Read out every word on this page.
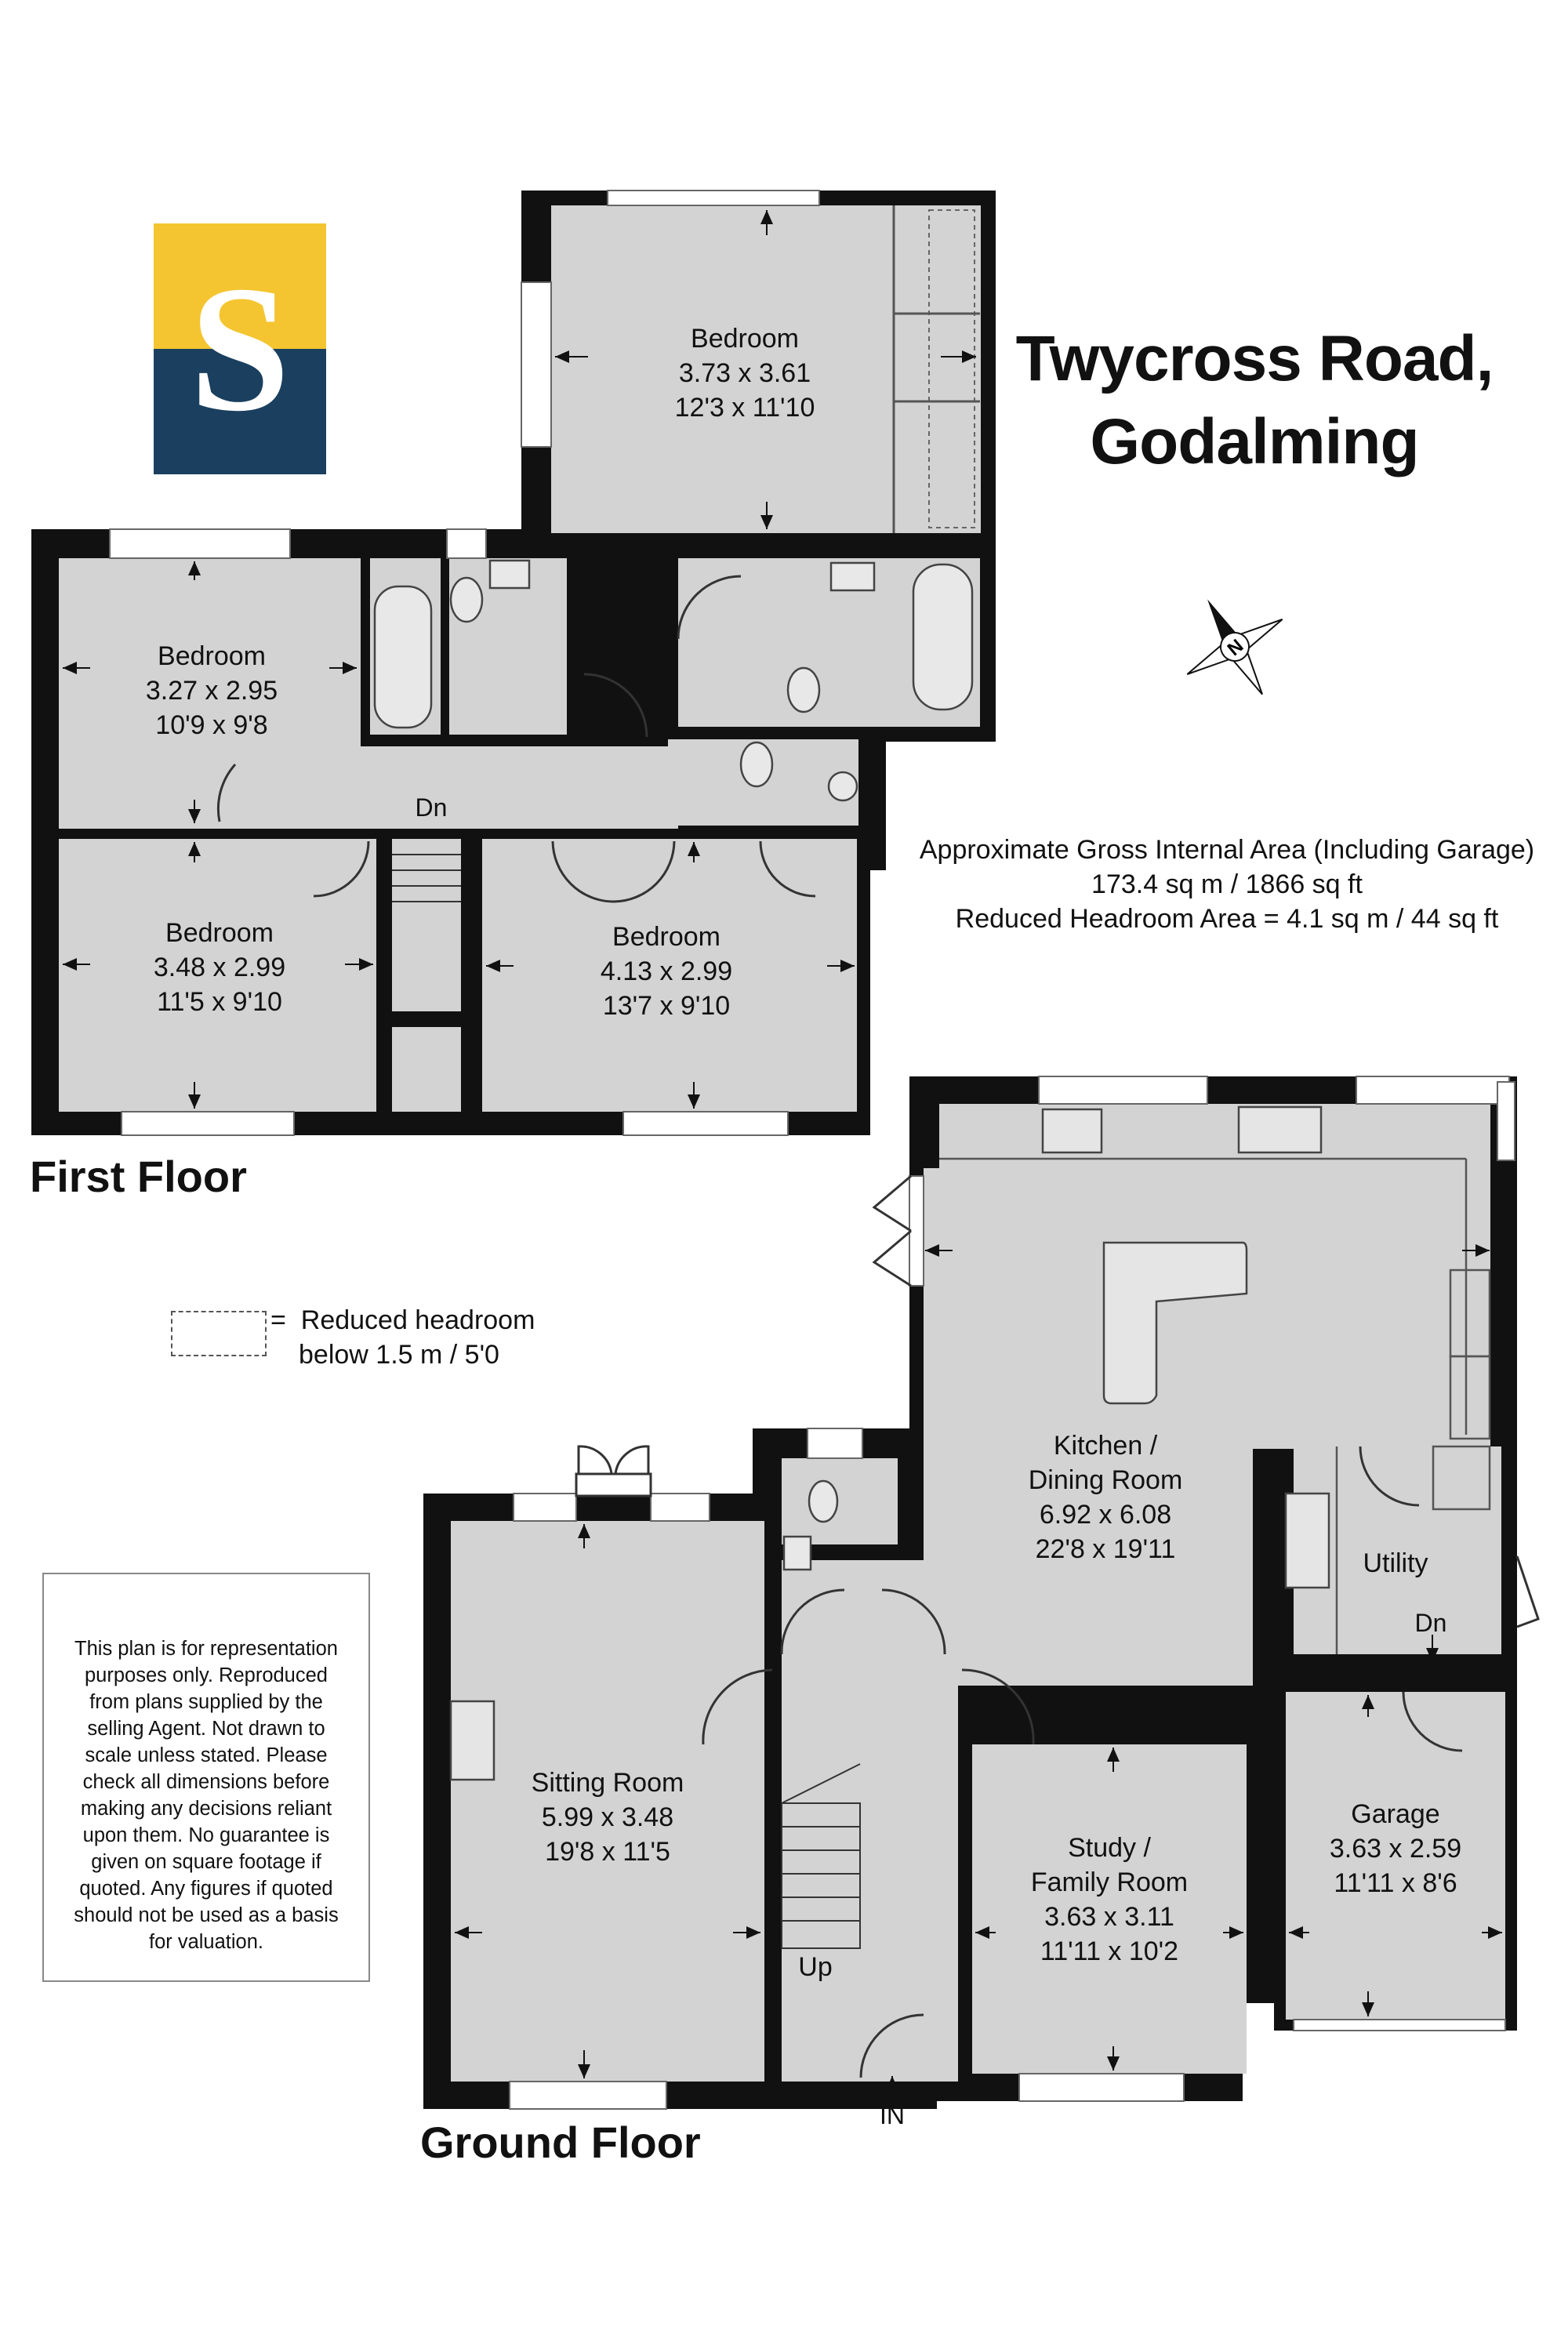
S	Twycross Road,
Godalming
N
Approximate Gross Internal Area (Including Garage)
173.4 sq m / 1866 sq ft
Reduced Headroom Area = 4.1 sq m / 44 sq ft
= Reduced headroom
below 1.5 m / 5'0
This plan is for representation purposes only. Reproduced from plans supplied by the selling Agent. Not drawn to scale unless stated. Please check all dimensions before making any decisions reliant upon them. No guarantee is given on square footage if quoted. Any figures if quoted should not be used as a basis for valuation.
First Floor
Ground Floor
Bedroom
3.73 x 3.61
12'3 x 11'10
Bedroom
3.27 x 2.95
10'9 x 9'8
Bedroom
3.48 x 2.99
11'5 x 9'10
Bedroom
4.13 x 2.99
13'7 x 9'10
Dn
Kitchen /
Dining Room
6.92 x 6.08
22'8 x 19'11
Sitting Room
5.99 x 3.48
19'8 x 11'5	Study /
Family Room
3.63 x 3.11
11'11 x 10'2
Garage
3.63 x 2.59
11'11 x 8'6
Utility
Dn
Up
IN
